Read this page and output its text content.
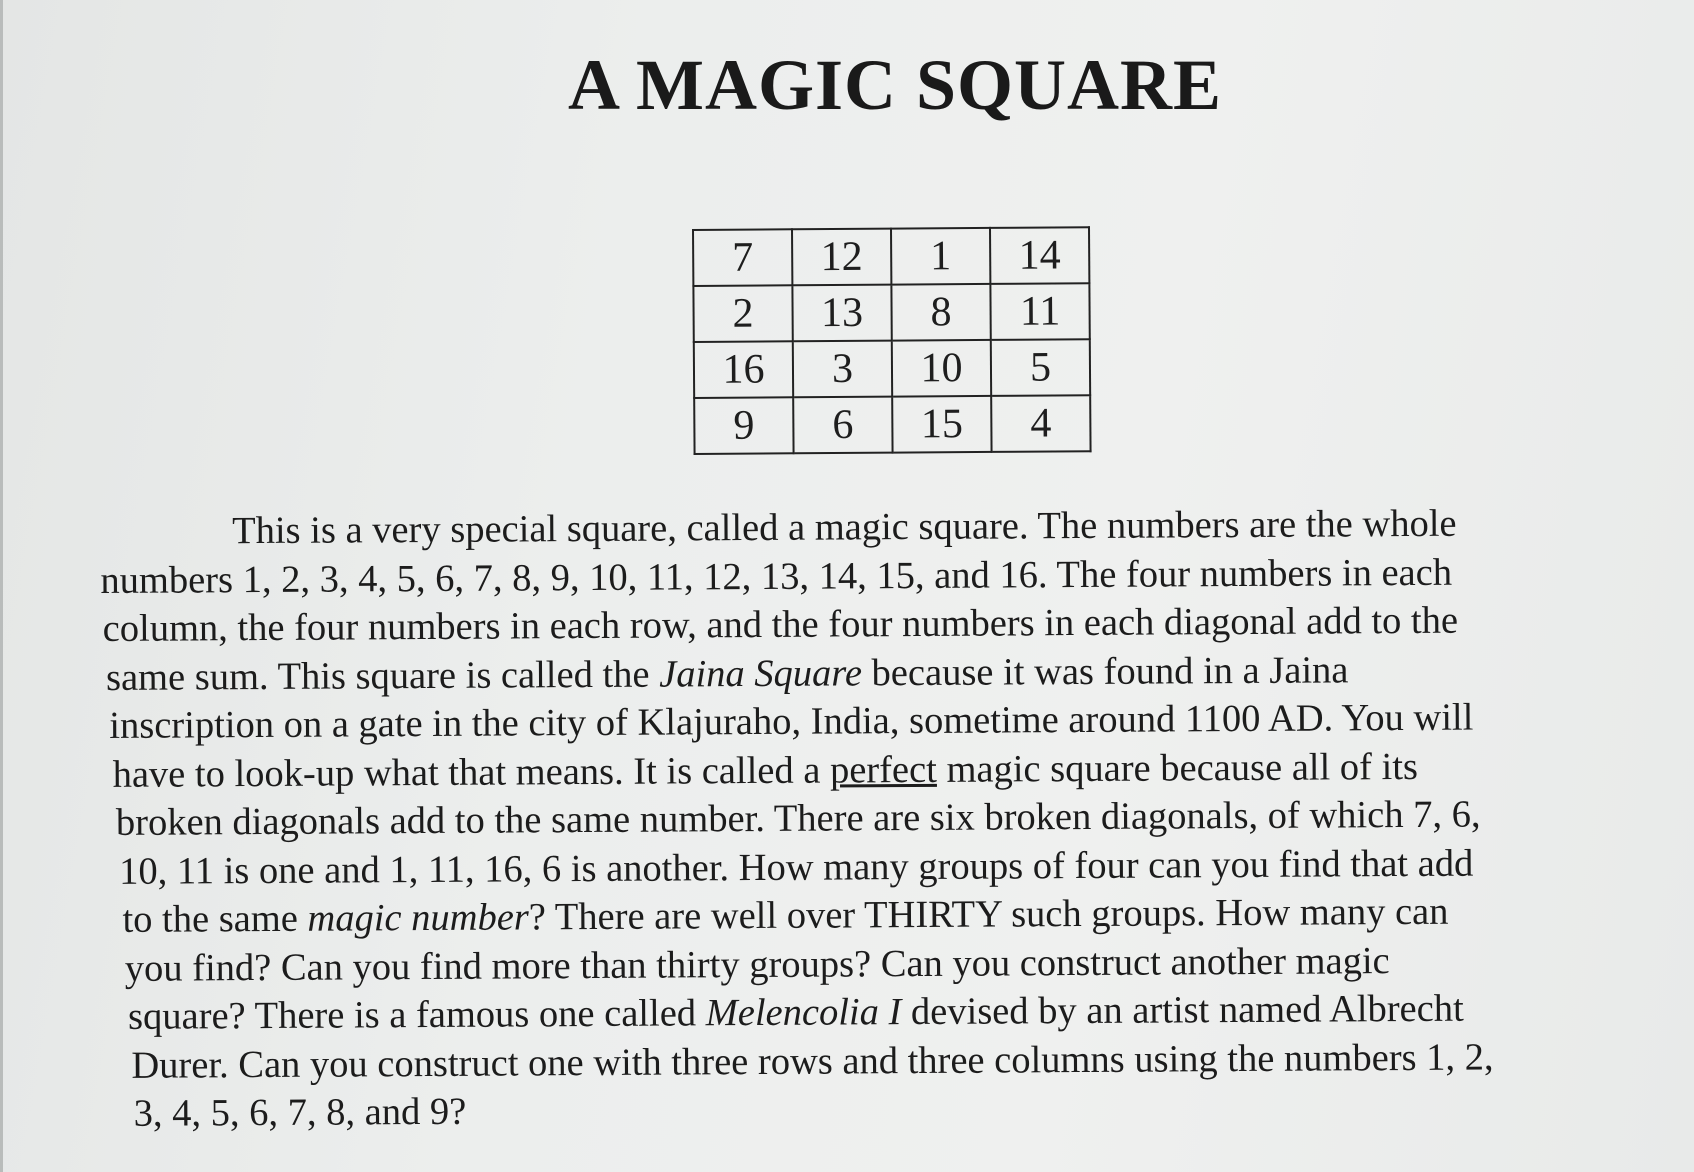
A MAGIC SQUARE
7	12	1	14
2	13	8	11
16	3	10	5
9	6	15	4
This is a very special square, called a magic square. The numbers are the whole
numbers 1, 2, 3, 4, 5, 6, 7, 8, 9, 10, 11, 12, 13, 14, 15, and 16. The four numbers in each
column, the four numbers in each row, and the four numbers in each diagonal add to the
same sum. This square is called the Jaina Square because it was found in a Jaina
inscription on a gate in the city of Klajuraho, India, sometime around 1100 AD. You will
have to look-up what that means. It is called a perfect magic square because all of its
broken diagonals add to the same number. There are six broken diagonals, of which 7, 6,
10, 11 is one and 1, 11, 16, 6 is another. How many groups of four can you find that add
to the same magic number? There are well over THIRTY such groups. How many can
you find? Can you find more than thirty groups? Can you construct another magic
square? There is a famous one called Melencolia I devised by an artist named Albrecht
Durer. Can you construct one with three rows and three columns using the numbers 1, 2,
3, 4, 5, 6, 7, 8, and 9?
